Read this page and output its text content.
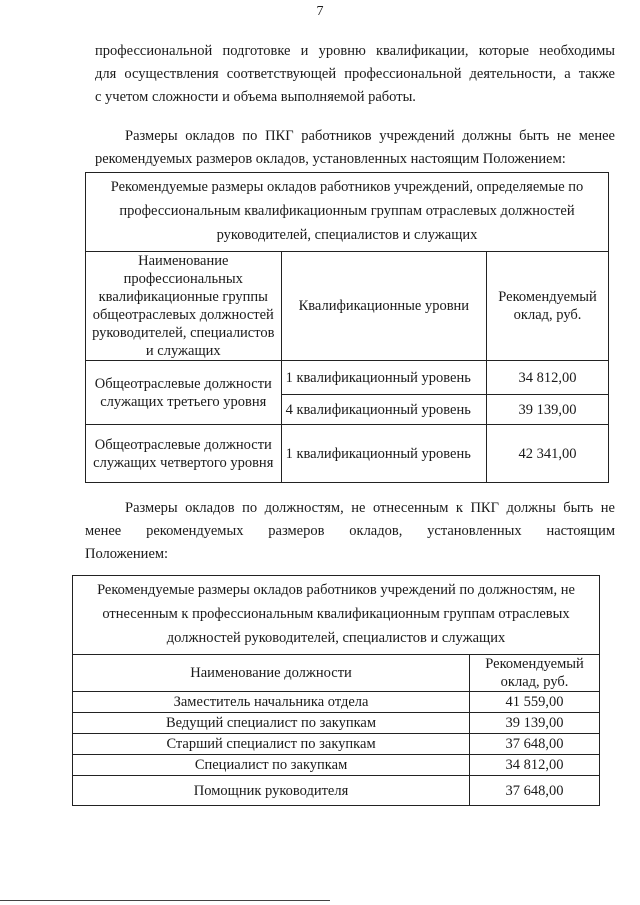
7
профессиональной подготовке и уровню квалификации, которые необходимы
для осуществления соответствующей профессиональной деятельности, а также
с учетом сложности и объема выполняемой работы.
Размеры окладов по ПКГ работников учреждений должны быть не менее
рекомендуемых размеров окладов, установленных настоящим Положением:
Рекомендуемые размеры окладов работников учреждений, определяемые по профессиональным квалификационным группам отраслевых должностей руководителей, специалистов и служащих		
Наименование профессиональных квалификационные группы общеотраслевых должностей руководителей, специалистов и служащих	Квалификационные уровни	Рекомендуемый оклад, руб.
Общеотраслевые должности служащих третьего уровня	1 квалификационный уровень	34 812,00
	4 квалификационный уровень	39 139,00
Общеотраслевые должности служащих четвертого уровня	1 квалификационный уровень	42 341,00
Размеры окладов по должностям, не отнесенным к ПКГ должны быть не
менее рекомендуемых размеров окладов, установленных настоящим
Положением:
Рекомендуемые размеры окладов работников учреждений по должностям, не отнесенным к профессиональным квалификационным группам отраслевых должностей руководителей, специалистов и служащих	
Наименование должности	Рекомендуемый оклад, руб.
Заместитель начальника отдела	41 559,00
Ведущий специалист по закупкам	39 139,00
Старший специалист по закупкам	37 648,00
Специалист по закупкам	34 812,00
Помощник руководителя	37 648,00
